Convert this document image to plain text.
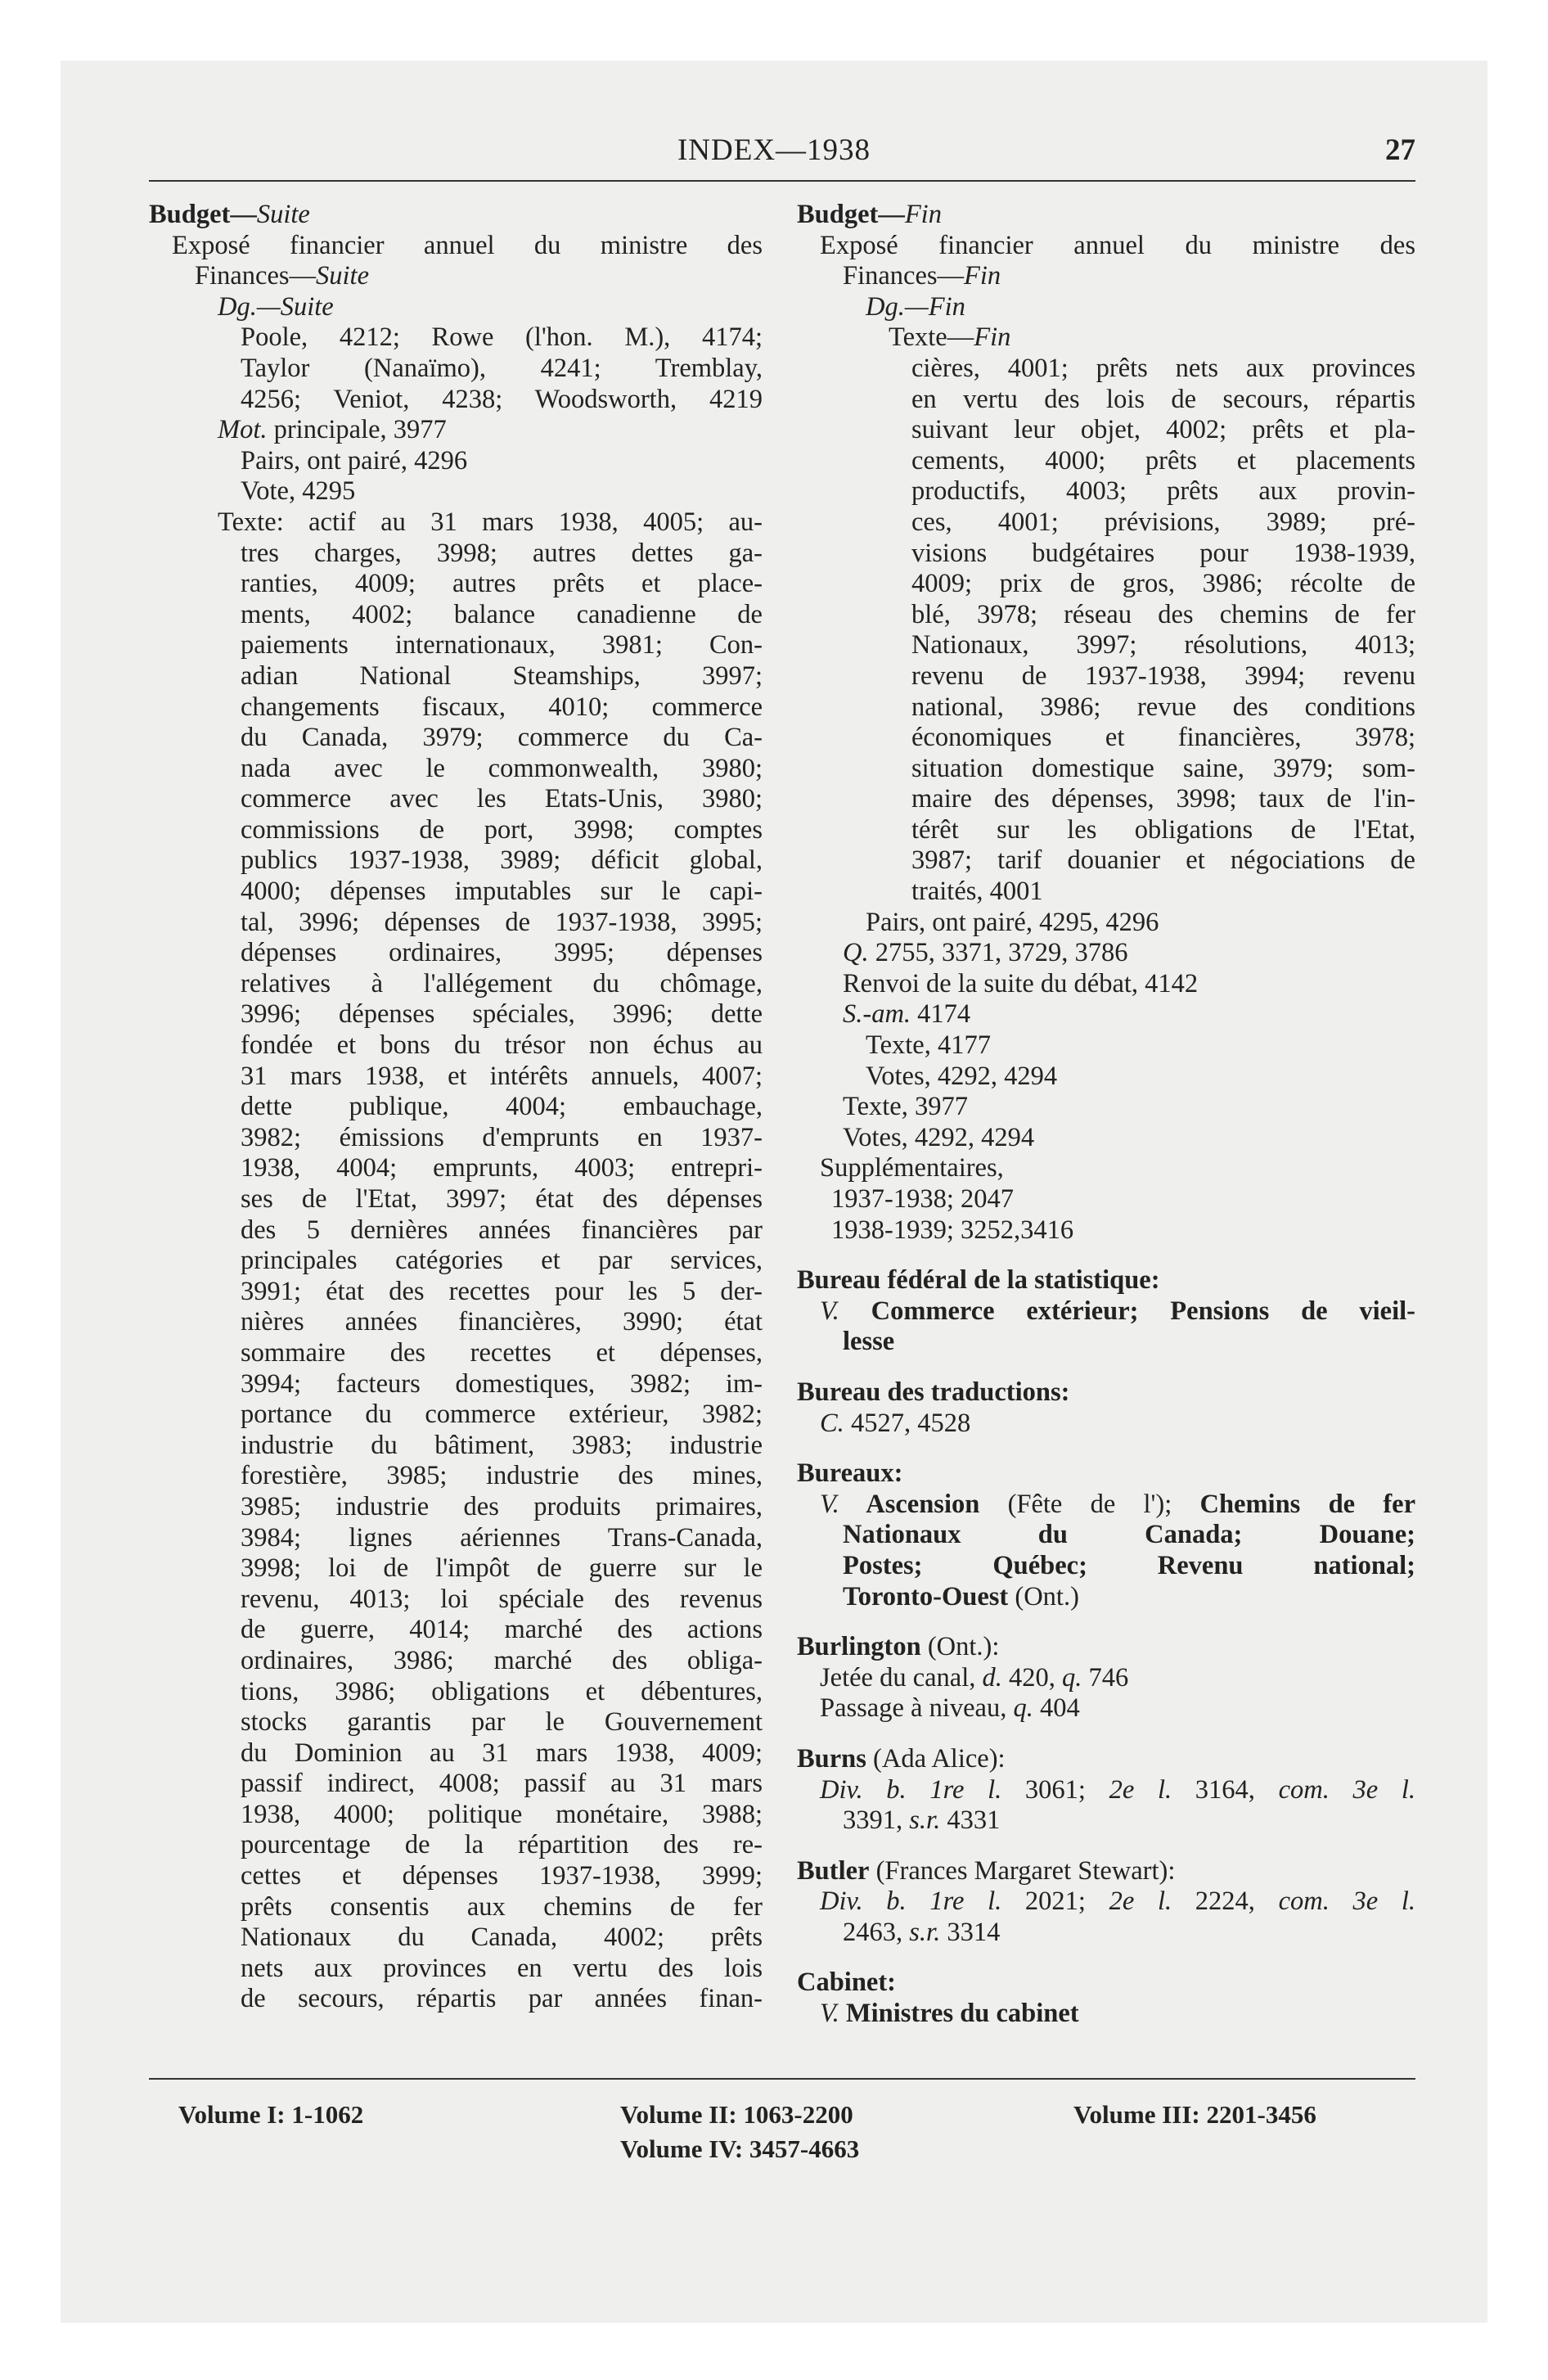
INDEX—1938	27
Budget—Suite
Exposé financier annuel du ministre des
Finances—Suite
Dg.—Suite
Poole, 4212; Rowe (l'hon. M.), 4174;
Taylor (Nanaïmo), 4241; Tremblay,
4256; Veniot, 4238; Woodsworth, 4219
Mot. principale, 3977
Pairs, ont pairé, 4296
Vote, 4295
Texte: actif au 31 mars 1938, 4005; au-
tres charges, 3998; autres dettes ga-
ranties, 4009; autres prêts et place-
ments, 4002; balance canadienne de
paiements internationaux, 3981; Con-
adian National Steamships, 3997;
changements fiscaux, 4010; commerce
du Canada, 3979; commerce du Ca-
nada avec le commonwealth, 3980;
commerce avec les Etats-Unis, 3980;
commissions de port, 3998; comptes
publics 1937-1938, 3989; déficit global,
4000; dépenses imputables sur le capi-
tal, 3996; dépenses de 1937-1938, 3995;
dépenses ordinaires, 3995; dépenses
relatives à l'allégement du chômage,
3996; dépenses spéciales, 3996; dette
fondée et bons du trésor non échus au
31 mars 1938, et intérêts annuels, 4007;
dette publique, 4004; embauchage,
3982; émissions d'emprunts en 1937-
1938, 4004; emprunts, 4003; entrepri-
ses de l'Etat, 3997; état des dépenses
des 5 dernières années financières par
principales catégories et par services,
3991; état des recettes pour les 5 der-
nières années financières, 3990; état
sommaire des recettes et dépenses,
3994; facteurs domestiques, 3982; im-
portance du commerce extérieur, 3982;
industrie du bâtiment, 3983; industrie
forestière, 3985; industrie des mines,
3985; industrie des produits primaires,
3984; lignes aériennes Trans-Canada,
3998; loi de l'impôt de guerre sur le
revenu, 4013; loi spéciale des revenus
de guerre, 4014; marché des actions
ordinaires, 3986; marché des obliga-
tions, 3986; obligations et débentures,
stocks garantis par le Gouvernement
du Dominion au 31 mars 1938, 4009;
passif indirect, 4008; passif au 31 mars
1938, 4000; politique monétaire, 3988;
pourcentage de la répartition des re-
cettes et dépenses 1937-1938, 3999;
prêts consentis aux chemins de fer
Nationaux du Canada, 4002; prêts
nets aux provinces en vertu des lois
de secours, répartis par années finan-
Budget—Fin
Exposé financier annuel du ministre des
Finances—Fin
Dg.—Fin
Texte—Fin
cières, 4001; prêts nets aux provinces
en vertu des lois de secours, répartis
suivant leur objet, 4002; prêts et pla-
cements, 4000; prêts et placements
productifs, 4003; prêts aux provin-
ces, 4001; prévisions, 3989; pré-
visions budgétaires pour 1938-1939,
4009; prix de gros, 3986; récolte de
blé, 3978; réseau des chemins de fer
Nationaux, 3997; résolutions, 4013;
revenu de 1937-1938, 3994; revenu
national, 3986; revue des conditions
économiques et financières, 3978;
situation domestique saine, 3979; som-
maire des dépenses, 3998; taux de l'in-
térêt sur les obligations de l'Etat,
3987; tarif douanier et négociations de
traités, 4001
Pairs, ont pairé, 4295, 4296
Q. 2755, 3371, 3729, 3786
Renvoi de la suite du débat, 4142
S.-am. 4174
Texte, 4177
Votes, 4292, 4294
Texte, 3977
Votes, 4292, 4294
Supplémentaires,
1937-1938; 2047
1938-1939; 3252,3416
Bureau fédéral de la statistique:
V. Commerce extérieur; Pensions de vieil-
lesse
Bureau des traductions:
C. 4527, 4528
Bureaux:
V. Ascension (Fête de l'); Chemins de fer
Nationaux du Canada; Douane;
Postes; Québec; Revenu national;
Toronto-Ouest (Ont.)
Burlington (Ont.):
Jetée du canal, d. 420, q. 746
Passage à niveau, q. 404
Burns (Ada Alice):
Div. b. 1re l. 3061; 2e l. 3164, com. 3e l.
3391, s.r. 4331
Butler (Frances Margaret Stewart):
Div. b. 1re l. 2021; 2e l. 2224, com. 3e l.
2463, s.r. 3314
Cabinet:
V. Ministres du cabinet
Volume I: 1-1062	Volume II: 1063-2200	Volume III: 2201-3456
Volume IV: 3457-4663
